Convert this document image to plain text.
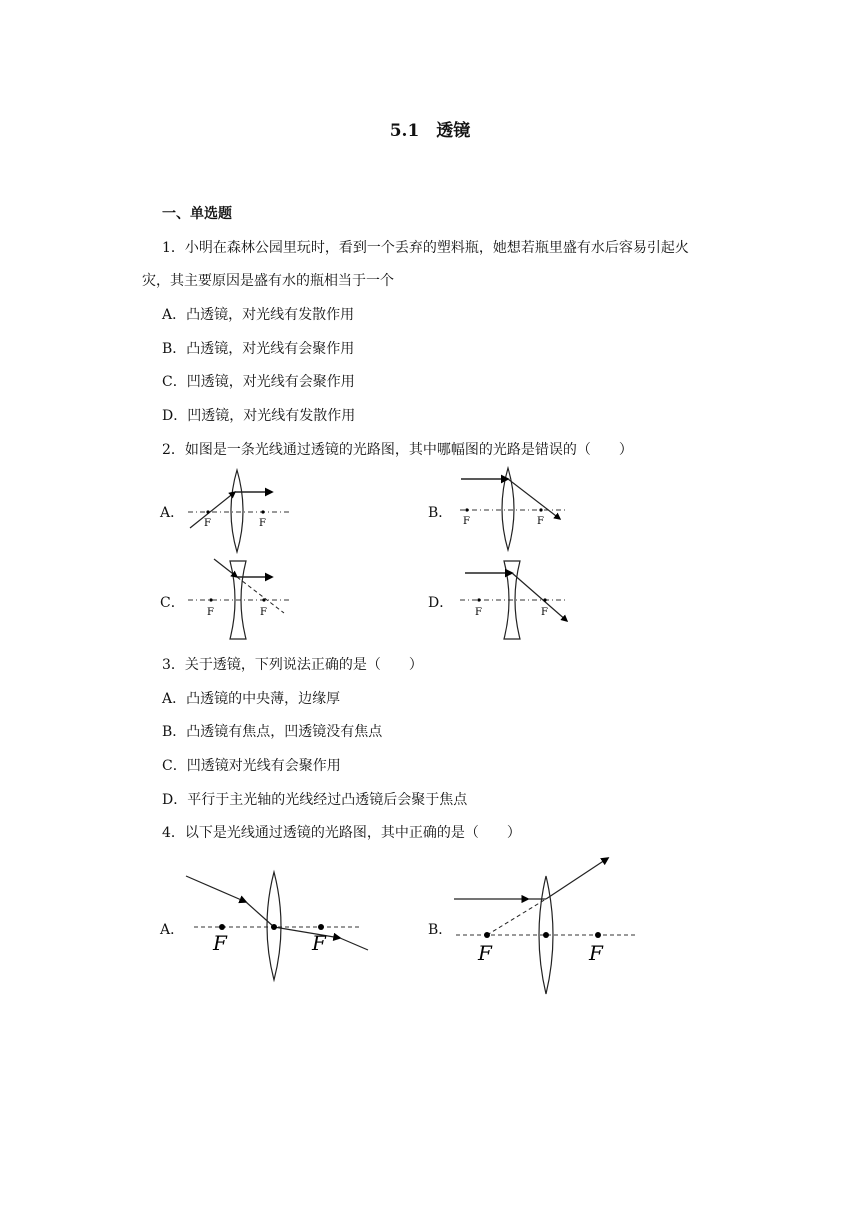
5.1　透镜
一、单选题
1．小明在森林公园里玩时，看到一个丢弃的塑料瓶，她想若瓶里盛有水后容易引起火
灾，其主要原因是盛有水的瓶相当于一个
A．凸透镜，对光线有发散作用
B．凸透镜，对光线有会聚作用
C．凹透镜，对光线有会聚作用
D．凹透镜，对光线有发散作用
2．如图是一条光线通过透镜的光路图，其中哪幅图的光路是错误的（　　）
A．	B．
C．	D．
F	F	F	F
F	F	F	F
3．关于透镜，下列说法正确的是（　　）
A．凸透镜的中央薄，边缘厚
B．凸透镜有焦点，凹透镜没有焦点
C．凹透镜对光线有会聚作用
D．平行于主光轴的光线经过凸透镜后会聚于焦点
4．以下是光线通过透镜的光路图，其中正确的是（　　）
A．	B．
F	F	F	F
